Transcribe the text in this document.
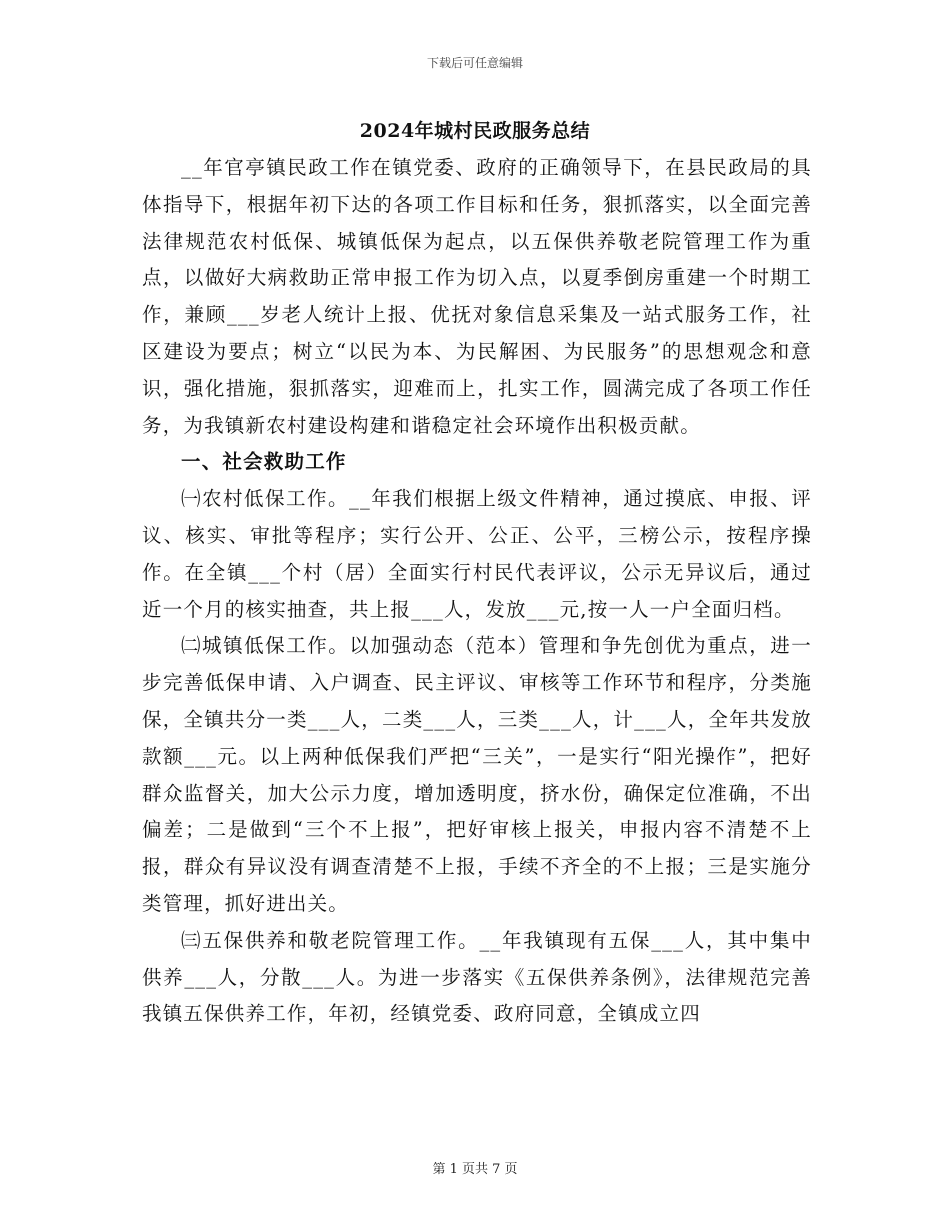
下载后可任意编辑
2024年城村民政服务总结

__年官亭镇民政工作在镇党委、政府的正确领导下，在县民政局的具体指导下，根据年初下达的各项工作目标和任务，狠抓落实，以全面完善法律规范农村低保、城镇低保为起点，以五保供养敬老院管理工作为重点，以做好大病救助正常申报工作为切入点，以夏季倒房重建一个时期工作，兼顾___岁老人统计上报、优抚对象信息采集及一站式服务工作，社区建设为要点；树立“以民为本、为民解困、为民服务”的思想观念和意识，强化措施，狠抓落实，迎难而上，扎实工作，圆满完成了各项工作任务，为我镇新农村建设构建和谐稳定社会环境作出积极贡献。

一、社会救助工作

㈠农村低保工作。__年我们根据上级文件精神，通过摸底、申报、评议、核实、审批等程序；实行公开、公正、公平，三榜公示，按程序操作。在全镇___个村（居）全面实行村民代表评议，公示无异议后，通过近一个月的核实抽查，共上报___人，发放___元,按一人一户全面归档。

㈡城镇低保工作。以加强动态（范本）管理和争先创优为重点，进一步完善低保申请、入户调查、民主评议、审核等工作环节和程序，分类施保，全镇共分一类___人，二类___人，三类___人，计___人，全年共发放款额___元。以上两种低保我们严把“三关”，一是实行“阳光操作”，把好群众监督关，加大公示力度，增加透明度，挤水份，确保定位准确，不出偏差；二是做到“三个不上报”，把好审核上报关，申报内容不清楚不上报，群众有异议没有调查清楚不上报，手续不齐全的不上报；三是实施分类管理，抓好进出关。

㈢五保供养和敬老院管理工作。__年我镇现有五保___人，其中集中供养___人，分散___人。为进一步落实《五保供养条例》，法律规范完善我镇五保供养工作，年初，经镇党委、政府同意，全镇成立四

第 1 页共 7 页
